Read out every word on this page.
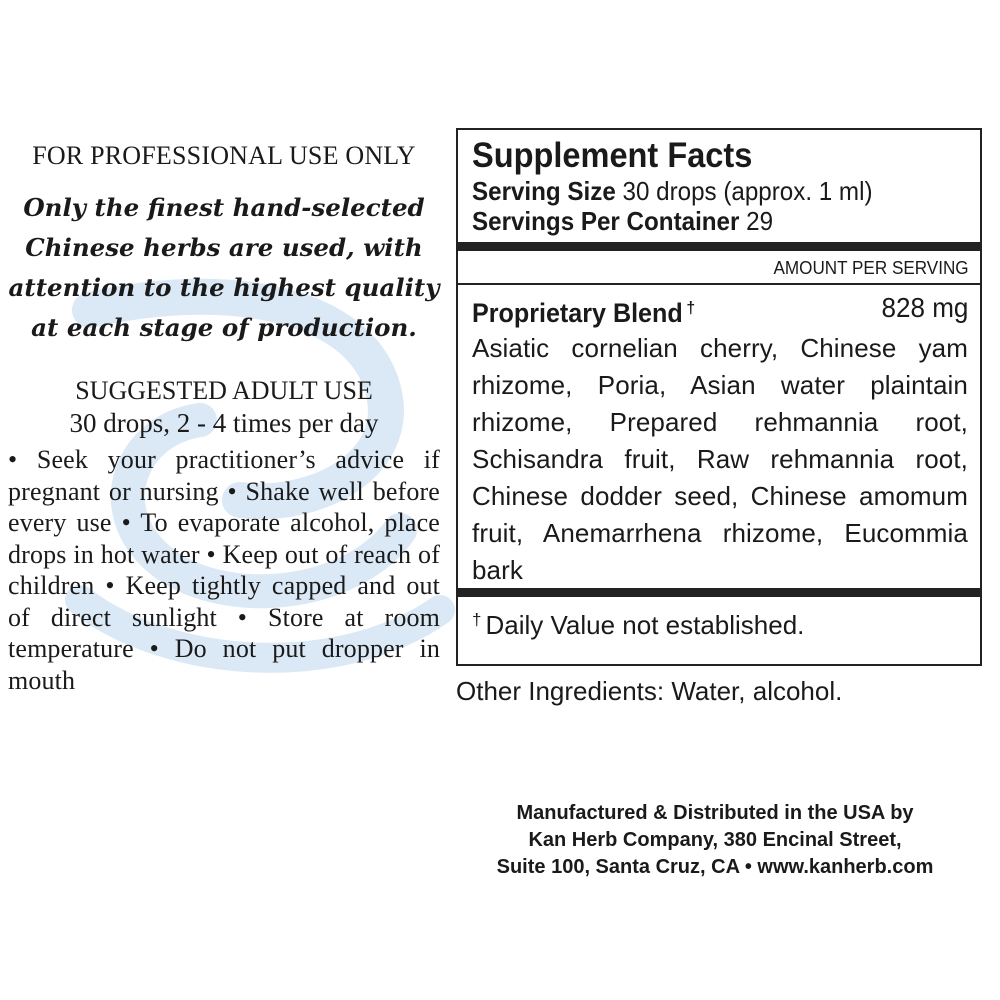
FOR PROFESSIONAL USE ONLY
Only the finest hand-selected
Chinese herbs are used, with
attention to the highest quality
at each stage of production.
SUGGESTED ADULT USE
30 drops, 2 - 4 times per day
• Seek your practitioner’s advice if pregnant or nursing • Shake well before every use • To evaporate alcohol, place drops in hot water • Keep out of reach of children • Keep tightly capped and out of direct sunlight • Store at room temperature • Do not put dropper in mouth
Supplement Facts
Serving Size 30 drops (approx. 1 ml)
Servings Per Container 29
AMOUNT PER SERVING
Proprietary Blend †	828 mg
Asiatic cornelian cherry, Chinese yam rhizome, Poria, Asian water plaintain rhizome, Prepared rehmannia root, Schisandra fruit, Raw rehmannia root, Chinese dodder seed, Chinese amomum fruit, Anemarrhena rhizome, Eucommia bark
† Daily Value not established.
Other Ingredients: Water, alcohol.
Manufactured & Distributed in the USA by
Kan Herb Company, 380 Encinal Street,
Suite 100, Santa Cruz, CA • www.kanherb.com
